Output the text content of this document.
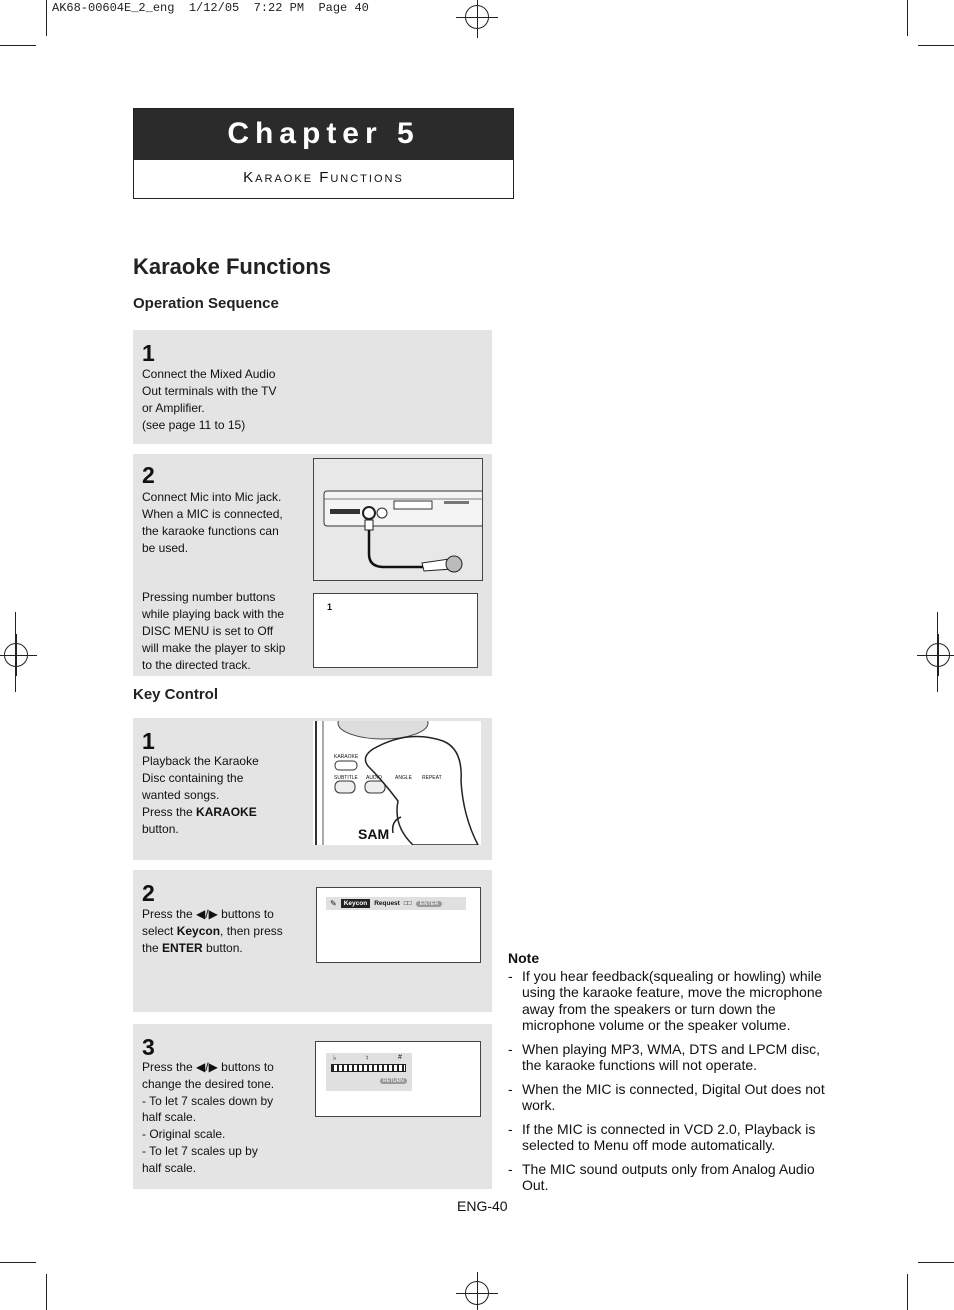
AK68-00604E_2_eng  1/12/05  7:22 PM  Page 40
Chapter 5
Karaoke Functions
Karaoke Functions
Operation Sequence
1
Connect the Mixed Audio
Out terminals with the TV
or Amplifier.
(see page 11 to 15)
2
Connect Mic into Mic jack.
When a MIC is connected,
the karaoke functions can
be used.
Pressing number buttons
while playing back with the
DISC MENU is set to Off
will make the player to skip
to the directed track.
1
Key Control
1
Playback the Karaoke
Disc containing the
wanted songs.
Press the KARAOKE
button.
KARAOKE
SUBTITLE AUDIO	ANGLE REPEAT
SAM
2
Press the ◀/▶ buttons to
select Keycon, then press
the ENTER button.
✎	Keycon	Request □□	ENTER
3
Press the ◀/▶ buttons to
change the desired tone.
- To let 7 scales down by
half scale.
- Original scale.
- To let 7 scales up by
half scale.
♭	♮	#
RETURN
Note
- If you hear feedback(squealing or howling) while using the karaoke feature, move the microphone away from the speakers or turn down the microphone volume or the speaker volume.
- When playing MP3, WMA, DTS and LPCM disc, the karaoke functions will not operate.
- When the MIC is connected, Digital Out does not work.
- If the MIC is connected in VCD 2.0, Playback is selected to Menu off mode automatically.
- The MIC sound outputs only from Analog Audio Out.
ENG-40
